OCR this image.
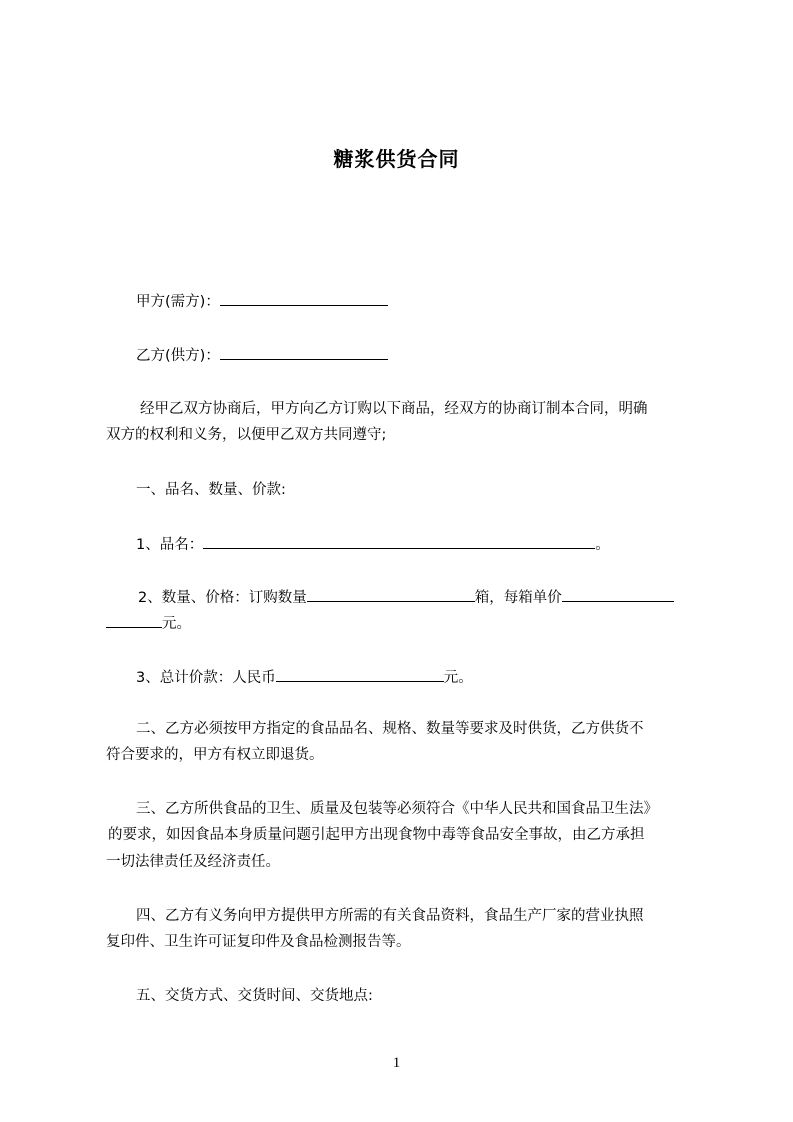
糖浆供货合同
甲方(需方)：
乙方(供方)：
经甲乙双方协商后，甲方向乙方订购以下商品，经双方的协商订制本合同，明确
双方的权利和义务，以便甲乙双方共同遵守;
一、品名、数量、价款:
1、品名：	。
2、数量、价格：订购数量	箱，每箱单价
元。
3、总计价款：人民币	元。
二、乙方必须按甲方指定的食品品名、规格、数量等要求及时供货，乙方供货不
符合要求的，甲方有权立即退货。
三、乙方所供食品的卫生、质量及包装等必须符合《中华人民共和国食品卫生法》
的要求，如因食品本身质量问题引起甲方出现食物中毒等食品安全事故，由乙方承担
一切法律责任及经济责任。
四、乙方有义务向甲方提供甲方所需的有关食品资料，食品生产厂家的营业执照
复印件、卫生许可证复印件及食品检测报告等。
五、交货方式、交货时间、交货地点:
1
